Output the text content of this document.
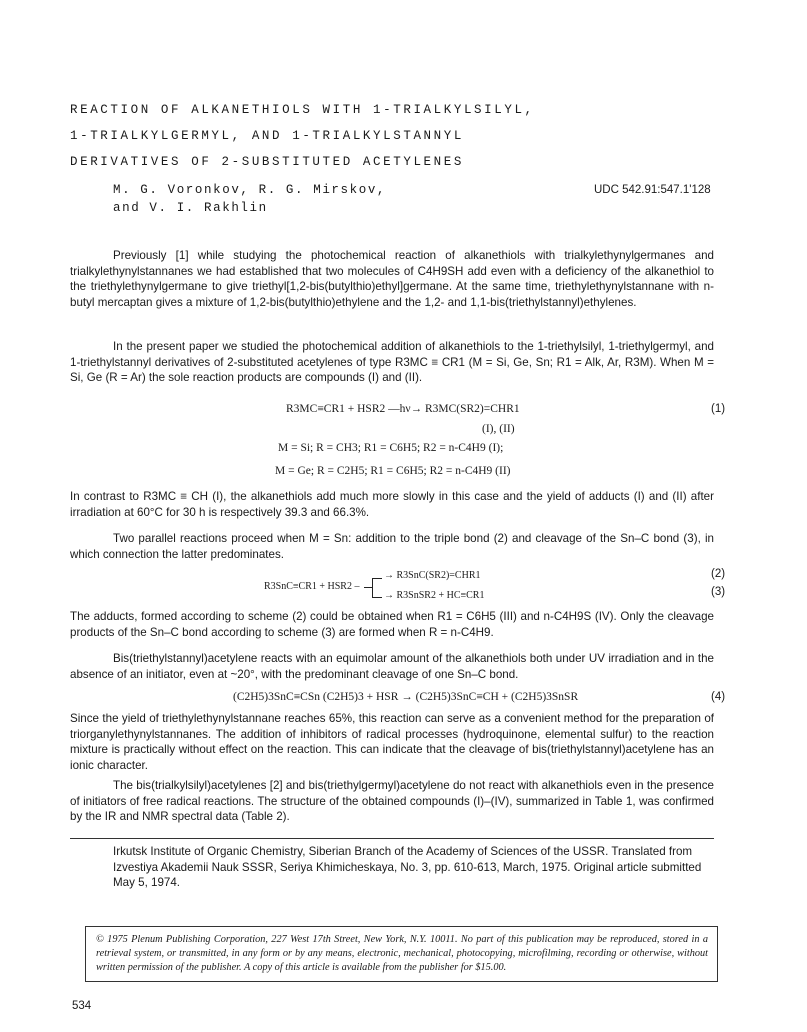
REACTION OF ALKANETHIOLS WITH 1-TRIALKYLSILYL,
1-TRIALKYLGERMYL, AND 1-TRIALKYLSTANNYL
DERIVATIVES OF 2-SUBSTITUTED ACETYLENES
M. G. Voronkov, R. G. Mirskov,
and V. I. Rakhlin
UDC 542.91:547.1'128

Previously [1] while studying the photochemical reaction of alkanethiols with trialkylethynylgermanes and trialkylethynylstannanes we had established that two molecules of C4H9SH add even with a deficiency of the alkanethiol to the triethylethynylgermane to give triethyl[1,2-bis(butylthio)ethyl]germane. At the same time, triethylethynylstannane with n-butyl mercaptan gives a mixture of 1,2-bis(butylthio)ethylene and the 1,2- and 1,1-bis(triethylstannyl)ethylenes.

In the present paper we studied the photochemical addition of alkanethiols to the 1-triethylsilyl, 1-triethylgermyl, and 1-triethylstannyl derivatives of 2-substituted acetylenes of type R3MC ≡ CR1 (M = Si, Ge, Sn; R1 = Alk, Ar, R3M). When M = Si, Ge (R = Ar) the sole reaction products are compounds (I) and (II).

R3MC≡CR1 + HSR2 —hν→ R3MC(SR2)=CHR1	(1)
(I), (II)
M = Si; R = CH3; R1 = C6H5; R2 = n-C4H9 (I);
M = Ge; R = C2H5; R1 = C6H5; R2 = n-C4H9 (II)

In contrast to R3MC ≡ CH (I), the alkanethiols add much more slowly in this case and the yield of adducts (I) and (II) after irradiation at 60°C for 30 h is respectively 39.3 and 66.3%.

Two parallel reactions proceed when M = Sn: addition to the triple bond (2) and cleavage of the Sn–C bond (3), in which connection the latter predominates.

R3SnC≡CR1 + HSR2 –
→ R3SnC(SR2)=CHR1
→ R3SnSR2 + HC≡CR1
(2)
(3)

The adducts, formed according to scheme (2) could be obtained when R1 = C6H5 (III) and n-C4H9S (IV). Only the cleavage products of the Sn–C bond according to scheme (3) are formed when R = n-C4H9.

Bis(triethylstannyl)acetylene reacts with an equimolar amount of the alkanethiols both under UV irradiation and in the absence of an initiator, even at ~20°, with the predominant cleavage of one Sn–C bond.

(C2H5)3SnC≡CSn (C2H5)3 + HSR → (C2H5)3SnC≡CH + (C2H5)3SnSR	(4)

Since the yield of triethylethynylstannane reaches 65%, this reaction can serve as a convenient method for the preparation of triorganylethynylstannanes. The addition of inhibitors of radical processes (hydroquinone, elemental sulfur) to the reaction mixture is practically without effect on the reaction. This can indicate that the cleavage of bis(triethylstannyl)acetylene has an ionic character.

The bis(trialkylsilyl)acetylenes [2] and bis(triethylgermyl)acetylene do not react with alkanethiols even in the presence of initiators of free radical reactions. The structure of the obtained compounds (I)–(IV), summarized in Table 1, was confirmed by the IR and NMR spectral data (Table 2).

Irkutsk Institute of Organic Chemistry, Siberian Branch of the Academy of Sciences of the USSR. Translated from Izvestiya Akademii Nauk SSSR, Seriya Khimicheskaya, No. 3, pp. 610-613, March, 1975. Original article submitted May 5, 1974.

© 1975 Plenum Publishing Corporation, 227 West 17th Street, New York, N.Y. 10011. No part of this publication may be reproduced, stored in a retrieval system, or transmitted, in any form or by any means, electronic, mechanical, photocopying, microfilming, recording or otherwise, without written permission of the publisher. A copy of this article is available from the publisher for $15.00.

534
